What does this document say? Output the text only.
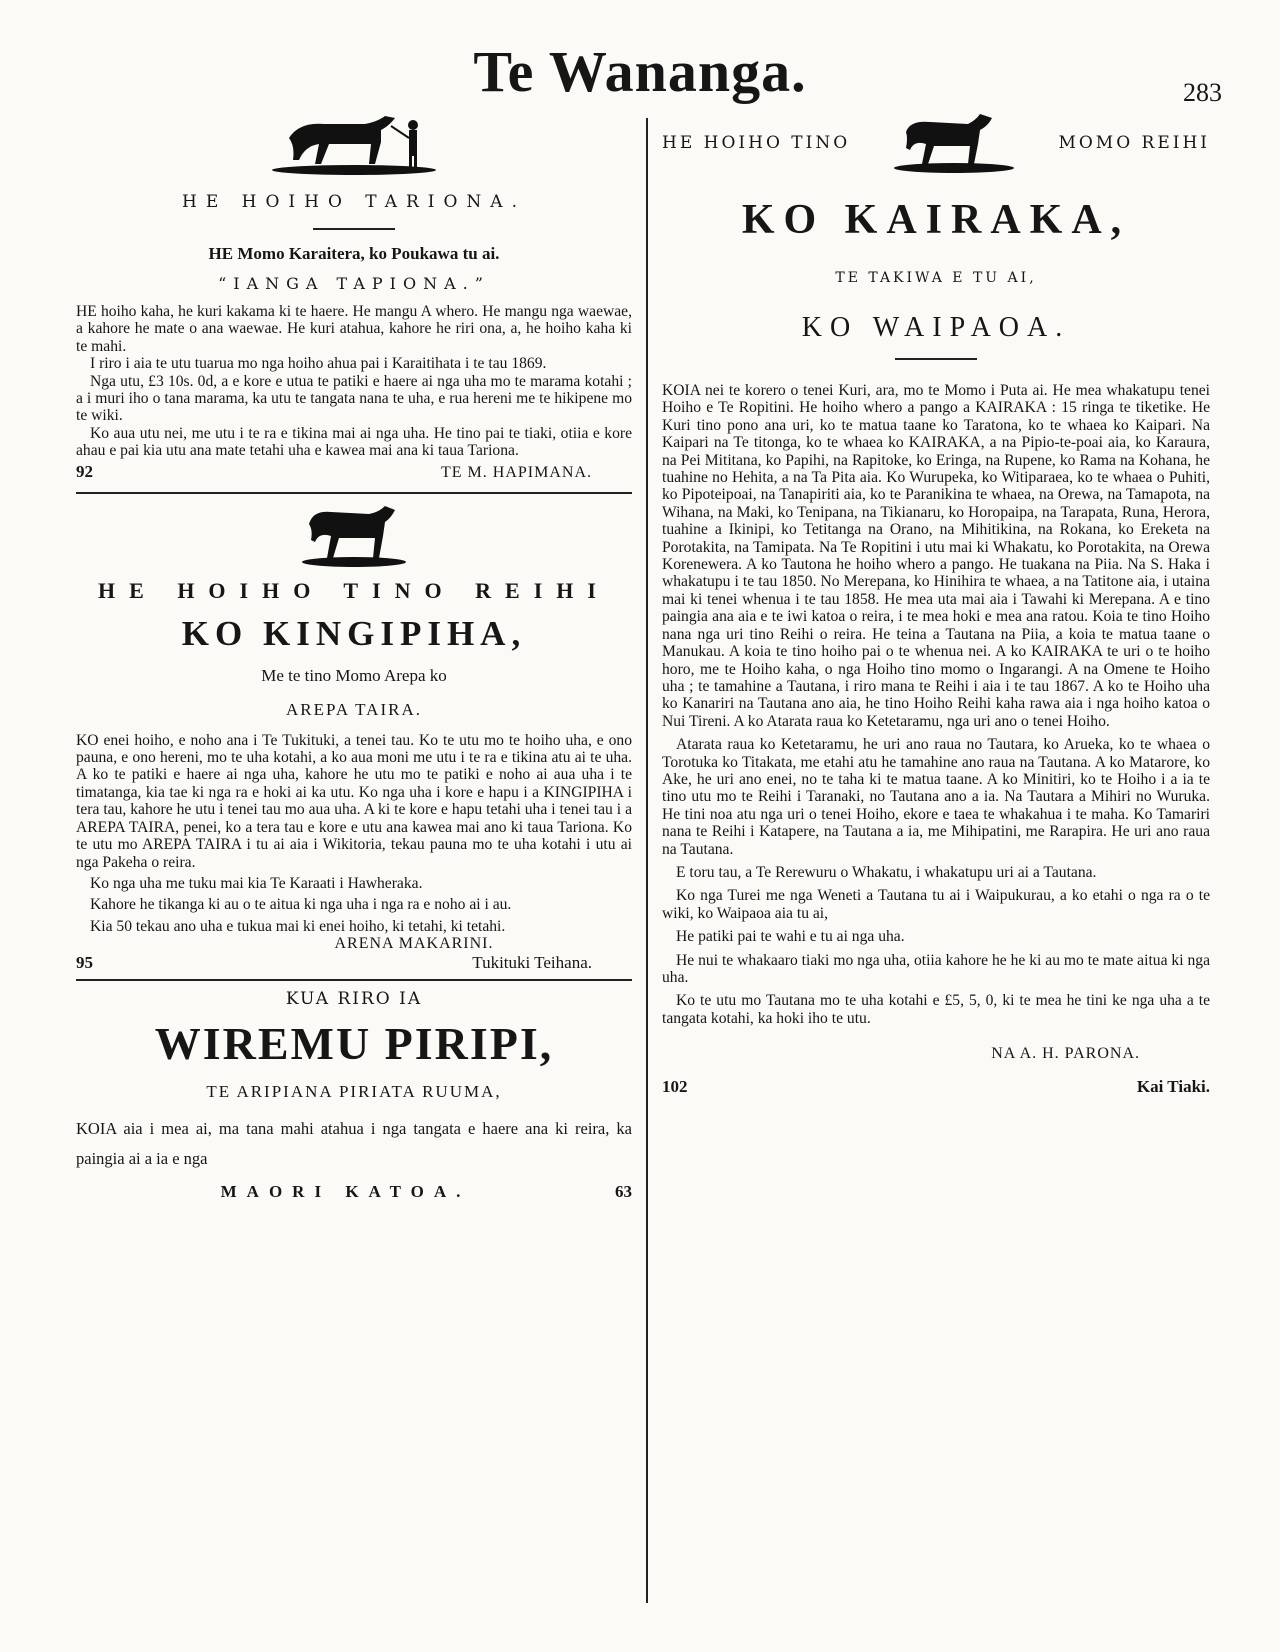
Te Wananga.	283
HE HOIHO TARIONA.
HE Momo Karaitera, ko Poukawa tu ai.
“IANGA TAPIONA.”

HE hoiho kaha, he kuri kakama ki te haere. He mangu A whero. He mangu nga waewae, a kahore he mate o ana waewae. He kuri atahua, kahore he riri ona, a, he hoiho kaha ki te mahi.

I riro i aia te utu tuarua mo nga hoiho ahua pai i Karaitihata i te tau 1869.

Nga utu, £3 10s. 0d, a e kore e utua te patiki e haere ai nga uha mo te marama kotahi ; a i muri iho o tana marama, ka utu te tangata nana te uha, e rua hereni me te hikipene mo te wiki.

Ko aua utu nei, me utu i te ra e tikina mai ai nga uha. He tino pai te tiaki, otiia e kore ahau e pai kia utu ana mate tetahi uha e kawea mai ana ki taua Tariona.

92	TE M. HAPIMANA.
HE HOIHO TINO REIHI
KO KINGIPIHA,
Me te tino Momo Arepa ko
AREPA TAIRA.

KO enei hoiho, e noho ana i Te Tukituki, a tenei tau. Ko te utu mo te hoiho uha, e ono pauna, e ono hereni, mo te uha kotahi, a ko aua moni me utu i te ra e tikina atu ai te uha. A ko te patiki e haere ai nga uha, kahore he utu mo te patiki e noho ai aua uha i te timatanga, kia tae ki nga ra e hoki ai ka utu. Ko nga uha i kore e hapu i a KINGIPIHA i tera tau, kahore he utu i tenei tau mo aua uha. A ki te kore e hapu tetahi uha i tenei tau i a AREPA TAIRA, penei, ko a tera tau e kore e utu ana kawea mai ano ki taua Tariona. Ko te utu mo AREPA TAIRA i tu ai aia i Wikitoria, tekau pauna mo te uha kotahi i utu ai nga Pakeha o reira.

Ko nga uha me tuku mai kia Te Karaati i Hawheraka.

Kahore he tikanga ki au o te aitua ki nga uha i nga ra e noho ai i au.

Kia 50 tekau ano uha e tukua mai ki enei hoiho, ki tetahi, ki tetahi.

ARENA MAKARINI.
95	Tukituki Teihana.
KUA RIRO IA
WIREMU PIRIPI,
TE ARIPIANA PIRIATA RUUMA,

KOIA aia i mea ai, ma tana mahi atahua i nga tangata e haere ana ki reira, ka paingia ai a ia e nga

MAORI KATOA.	63
HE HOIHO TINO	MOMO REIHI
KO KAIRAKA,
TE TAKIWA E TU AI,
KO WAIPAOA.

KOIA nei te korero o tenei Kuri, ara, mo te Momo i Puta ai. He mea whakatupu tenei Hoiho e Te Ropitini. He hoiho whero a pango a KAIRAKA : 15 ringa te tiketike. He Kuri tino pono ana uri, ko te matua taane ko Taratona, ko te whaea ko Kaipari. Na Kaipari na Te titonga, ko te whaea ko KAIRAKA, a na Pipio-te-poai aia, ko Karaura, na Pei Mititana, ko Papihi, na Rapitoke, ko Eringa, na Rupene, ko Rama na Kohana, he tuahine no Hehita, a na Ta Pita aia. Ko Wurupeka, ko Witiparaea, ko te whaea o Puhiti, ko Pipoteipoai, na Tanapiriti aia, ko te Paranikina te whaea, na Orewa, na Tamapota, na Wihana, na Maki, ko Tenipana, na Tikianaru, ko Horopaipa, na Tarapata, Runa, Herora, tuahine a Ikinipi, ko Tetitanga na Orano, na Mihitikina, na Rokana, ko Ereketa na Porotakita, na Tamipata. Na Te Ropitini i utu mai ki Whakatu, ko Porotakita, na Orewa Korenewera. A ko Tautona he hoiho whero a pango. He tuakana na Piia. Na S. Haka i whakatupu i te tau 1850. No Merepana, ko Hinihira te whaea, a na Tatitone aia, i utaina mai ki tenei whenua i te tau 1858. He mea uta mai aia i Tawahi ki Merepana. A e tino paingia ana aia e te iwi katoa o reira, i te mea hoki e mea ana ratou. Koia te tino Hoiho nana nga uri tino Reihi o reira. He teina a Tautana na Piia, a koia te matua taane o Manukau. A koia te tino hoiho pai o te whenua nei. A ko KAIRAKA te uri o te hoiho horo, me te Hoiho kaha, o nga Hoiho tino momo o Ingarangi. A na Omene te Hoiho uha ; te tamahine a Tautana, i riro mana te Reihi i aia i te tau 1867. A ko te Hoiho uha ko Kanariri na Tautana ano aia, he tino Hoiho Reihi kaha rawa aia i nga hoiho katoa o Nui Tireni. A ko Atarata raua ko Ketetaramu, nga uri ano o tenei Hoiho.

Atarata raua ko Ketetaramu, he uri ano raua no Tautara, ko Arueka, ko te whaea o Torotuka ko Titakata, me etahi atu he tamahine ano raua na Tautana. A ko Matarore, ko Ake, he uri ano enei, no te taha ki te matua taane. A ko Minitiri, ko te Hoiho i a ia te tino utu mo te Reihi i Taranaki, no Tautana ano a ia. Na Tautara a Mihiri no Wuruka. He tini noa atu nga uri o tenei Hoiho, ekore e taea te whakahua i te maha. Ko Tamariri nana te Reihi i Katapere, na Tautana a ia, me Mihipatini, me Rarapira. He uri ano raua na Tautana.

E toru tau, a Te Rerewuru o Whakatu, i whakatupu uri ai a Tautana.

Ko nga Turei me nga Weneti a Tautana tu ai i Waipukurau, a ko etahi o nga ra o te wiki, ko Waipaoa aia tu ai,

He patiki pai te wahi e tu ai nga uha.

He nui te whakaaro tiaki mo nga uha, otiia kahore he he ki au mo te mate aitua ki nga uha.

Ko te utu mo Tautana mo te uha kotahi e £5, 5, 0, ki te mea he tini ke nga uha a te tangata kotahi, ka hoki iho te utu.

NA A. H. PARONA.
102	Kai Tiaki.
